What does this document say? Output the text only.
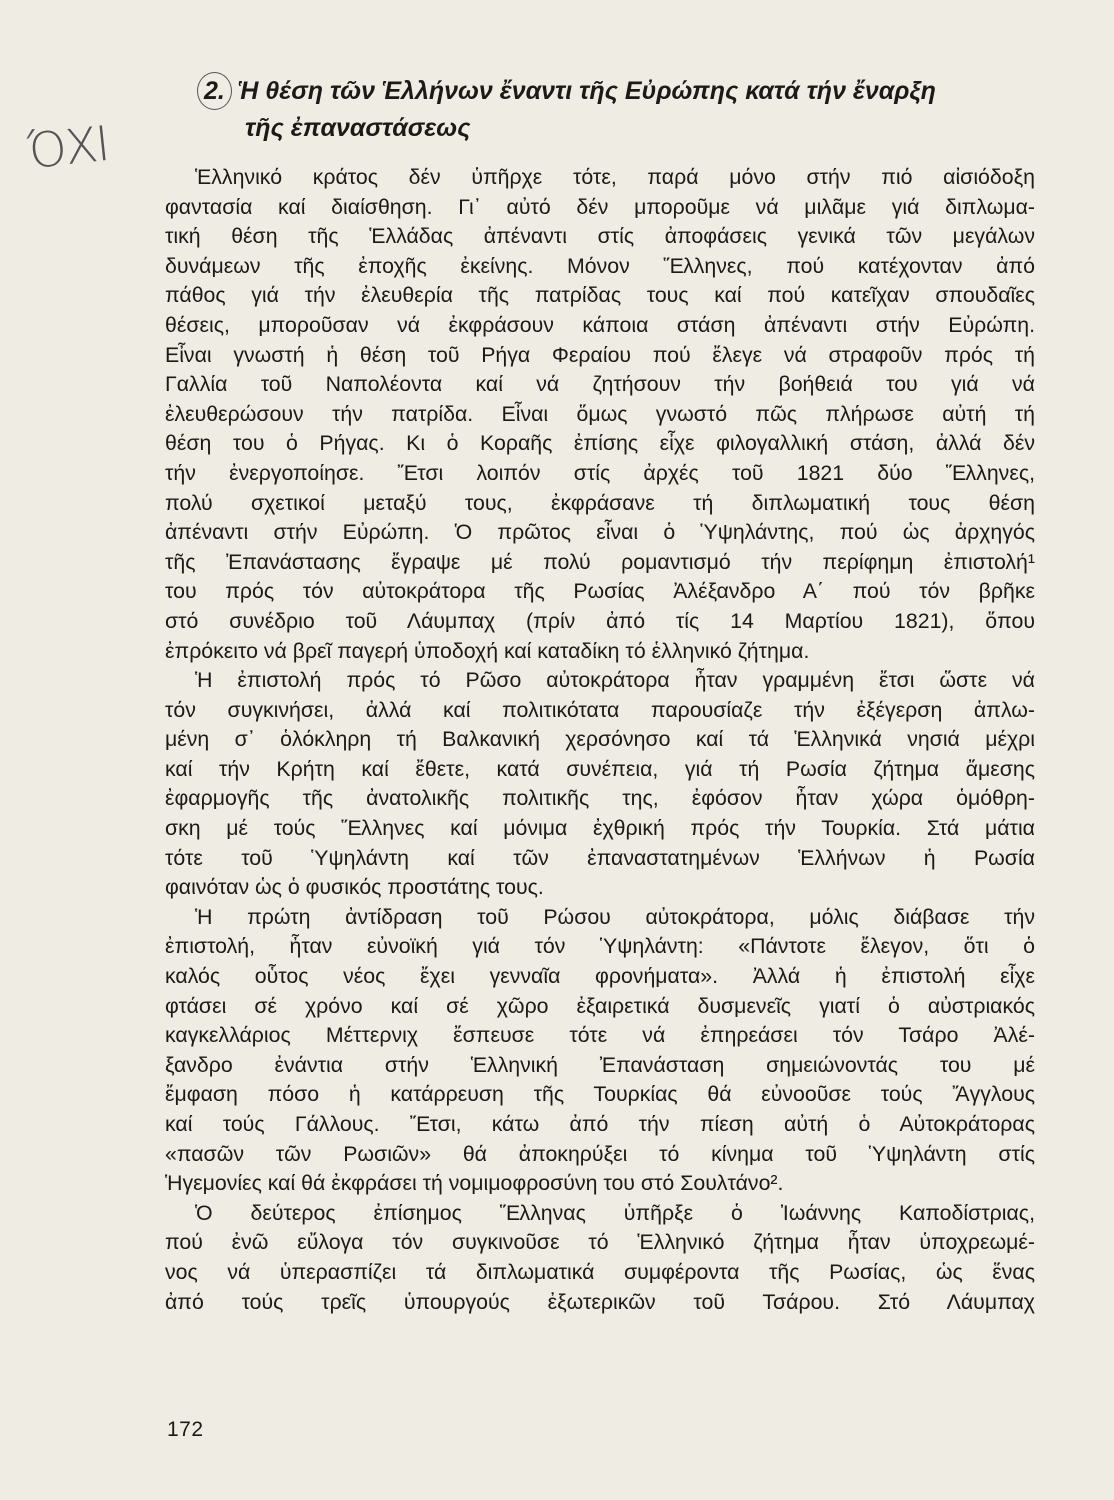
ΌΧΙ
2. Ἡ θέση τῶν Ἑλλήνων ἔναντι τῆς Εὐρώπης κατά τήν ἔναρξη
τῆς ἐπαναστάσεως
Ἑλληνικό κράτος δέν ὑπῆρχε τότε, παρά μόνο στήν πιό αἰσιόδοξη
φαντασία καί διαίσθηση. Γι᾽ αὐτό δέν μποροῦμε νά μιλᾶμε γιά διπλωμα-
τική θέση τῆς Ἑλλάδας ἀπέναντι στίς ἀποφάσεις γενικά τῶν μεγάλων
δυνάμεων τῆς ἐποχῆς ἐκείνης. Μόνον Ἕλληνες, πού κατέχονταν ἀπό
πάθος γιά τήν ἐλευθερία τῆς πατρίδας τους καί πού κατεῖχαν σπουδαῖες
θέσεις, μποροῦσαν νά ἐκφράσουν κάποια στάση ἀπέναντι στήν Εὐρώπη.
Εἶναι γνωστή ἡ θέση τοῦ Ρήγα Φεραίου πού ἔλεγε νά στραφοῦν πρός τή
Γαλλία τοῦ Ναπολέοντα καί νά ζητήσουν τήν βοήθειά του γιά νά
ἐλευθερώσουν τήν πατρίδα. Εἶναι ὅμως γνωστό πῶς πλήρωσε αὐτή τή
θέση του ὁ Ρήγας. Κι ὁ Κοραῆς ἐπίσης εἶχε φιλογαλλική στάση, ἀλλά δέν
τήν ἐνεργοποίησε. Ἔτσι λοιπόν στίς ἀρχές τοῦ 1821 δύο Ἕλληνες,
πολύ σχετικοί μεταξύ τους, ἐκφράσανε τή διπλωματική τους θέση
ἀπέναντι στήν Εὐρώπη. Ὁ πρῶτος εἶναι ὁ Ὑψηλάντης, πού ὡς ἀρχηγός
τῆς Ἐπανάστασης ἔγραψε μέ πολύ ρομαντισμό τήν περίφημη ἐπιστολή¹
του πρός τόν αὐτοκράτορα τῆς Ρωσίας Ἀλέξανδρο Α΄ πού τόν βρῆκε
στό συνέδριο τοῦ Λάυμπαχ (πρίν ἀπό τίς 14 Μαρτίου 1821), ὅπου
ἐπρόκειτο νά βρεῖ παγερή ὑποδοχή καί καταδίκη τό ἑλληνικό ζήτημα.
Ἡ ἐπιστολή πρός τό Ρῶσο αὐτοκράτορα ἦταν γραμμένη ἔτσι ὥστε νά
τόν συγκινήσει, ἀλλά καί πολιτικότατα παρουσίαζε τήν ἐξέγερση ἁπλω-
μένη σ᾽ ὁλόκληρη τή Βαλκανική χερσόνησο καί τά Ἑλληνικά νησιά μέχρι
καί τήν Κρήτη καί ἔθετε, κατά συνέπεια, γιά τή Ρωσία ζήτημα ἄμεσης
ἐφαρμογῆς τῆς ἀνατολικῆς πολιτικῆς της, ἐφόσον ἦταν χώρα ὁμόθρη-
σκη μέ τούς Ἕλληνες καί μόνιμα ἐχθρική πρός τήν Τουρκία. Στά μάτια
τότε τοῦ Ὑψηλάντη καί τῶν ἐπαναστατημένων Ἑλλήνων ἡ Ρωσία
φαινόταν ὡς ὁ φυσικός προστάτης τους.
Ἡ πρώτη ἀντίδραση τοῦ Ρώσου αὐτοκράτορα, μόλις διάβασε τήν
ἐπιστολή, ἦταν εὐνοϊκή γιά τόν Ὑψηλάντη: «Πάντοτε ἔλεγον, ὅτι ὁ
καλός οὗτος νέος ἔχει γενναῖα φρονήματα». Ἀλλά ἡ ἐπιστολή εἶχε
φτάσει σέ χρόνο καί σέ χῶρο ἐξαιρετικά δυσμενεῖς γιατί ὁ αὐστριακός
καγκελλάριος Μέττερνιχ ἔσπευσε τότε νά ἐπηρεάσει τόν Τσάρο Ἀλέ-
ξανδρο ἐνάντια στήν Ἑλληνική Ἐπανάσταση σημειώνοντάς του μέ
ἔμφαση πόσο ἡ κατάρρευση τῆς Τουρκίας θά εὐνοοῦσε τούς Ἄγγλους
καί τούς Γάλλους. Ἔτσι, κάτω ἀπό τήν πίεση αὐτή ὁ Αὐτοκράτορας
«πασῶν τῶν Ρωσιῶν» θά ἀποκηρύξει τό κίνημα τοῦ Ὑψηλάντη στίς
Ἡγεμονίες καί θά ἐκφράσει τή νομιμοφροσύνη του στό Σουλτάνο².
Ὁ δεύτερος ἐπίσημος Ἕλληνας ὑπῆρξε ὁ Ἰωάννης Καποδίστριας,
πού ἐνῶ εὔλογα τόν συγκινοῦσε τό Ἑλληνικό ζήτημα ἦταν ὑποχρεωμέ-
νος νά ὑπερασπίζει τά διπλωματικά συμφέροντα τῆς Ρωσίας, ὡς ἕνας
ἀπό τούς τρεῖς ὑπουργούς ἐξωτερικῶν τοῦ Τσάρου. Στό Λάυμπαχ
172
